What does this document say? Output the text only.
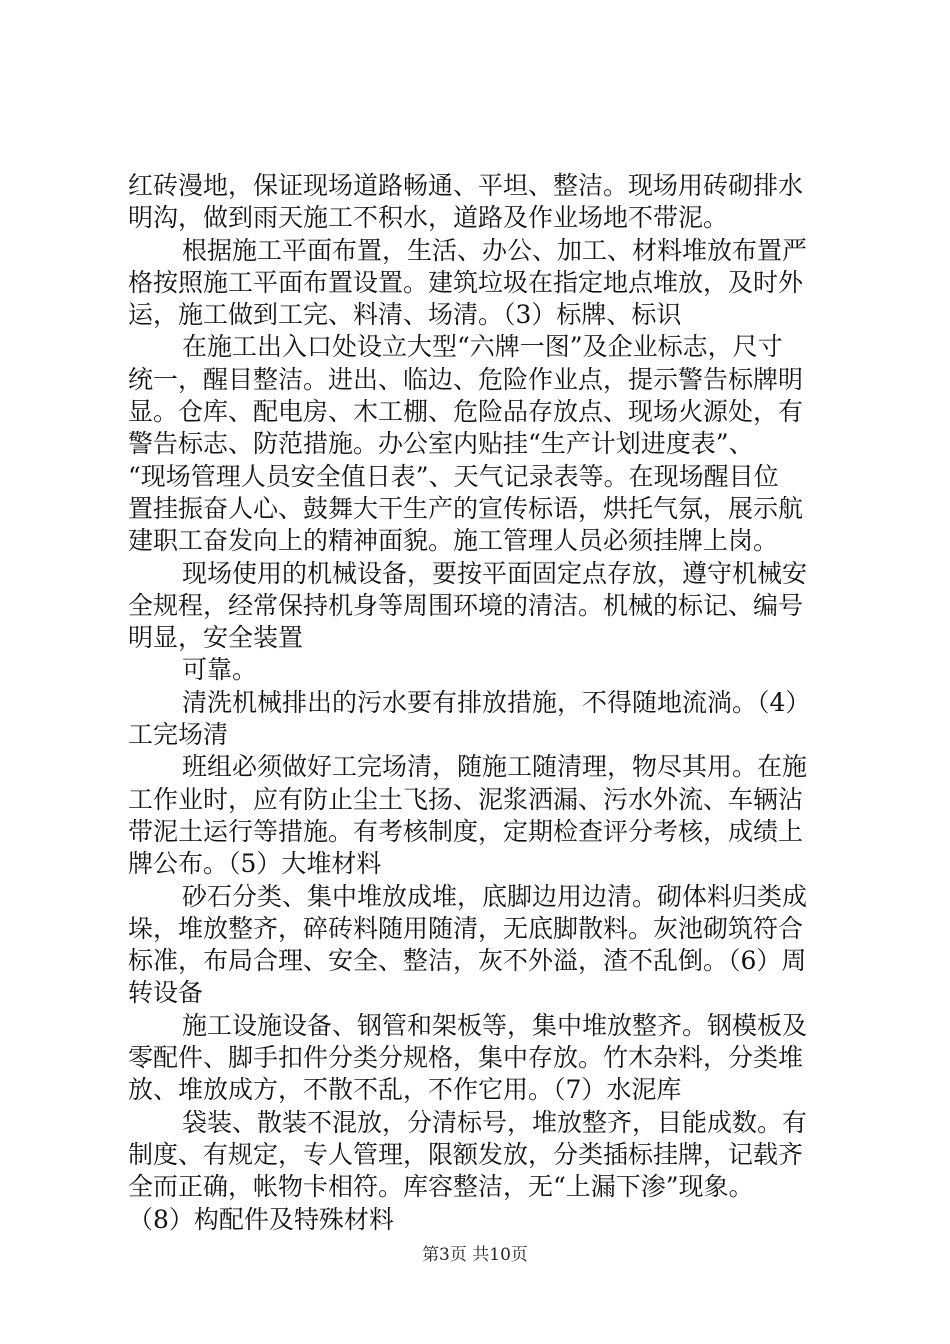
红砖漫地，保证现场道路畅通、平坦、整洁。现场用砖砌排水
明沟，做到雨天施工不积水，道路及作业场地不带泥。
根据施工平面布置，生活、办公、加工、材料堆放布置严
格按照施工平面布置设置。建筑垃圾在指定地点堆放，及时外
运，施工做到工完、料清、场清。（3）标牌、标识
在施工出入口处设立大型“六牌一图”及企业标志，尺寸
统一，醒目整洁。进出、临边、危险作业点，提示警告标牌明
显。仓库、配电房、木工棚、危险品存放点、现场火源处，有
警告标志、防范措施。办公室内贴挂“生产计划进度表”、
“现场管理人员安全值日表”、天气记录表等。在现场醒目位
置挂振奋人心、鼓舞大干生产的宣传标语，烘托气氛，展示航
建职工奋发向上的精神面貌。施工管理人员必须挂牌上岗。
现场使用的机械设备，要按平面固定点存放，遵守机械安
全规程，经常保持机身等周围环境的清洁。机械的标记、编号
明显，安全装置
可靠。
清洗机械排出的污水要有排放措施，不得随地流淌。（4）
工完场清
班组必须做好工完场清，随施工随清理，物尽其用。在施
工作业时，应有防止尘土飞扬、泥浆洒漏、污水外流、车辆沾
带泥土运行等措施。有考核制度，定期检查评分考核，成绩上
牌公布。（5）大堆材料
砂石分类、集中堆放成堆，底脚边用边清。砌体料归类成
垛，堆放整齐，碎砖料随用随清，无底脚散料。灰池砌筑符合
标准，布局合理、安全、整洁，灰不外溢，渣不乱倒。（6）周
转设备
施工设施设备、钢管和架板等，集中堆放整齐。钢模板及
零配件、脚手扣件分类分规格，集中存放。竹木杂料，分类堆
放、堆放成方，不散不乱，不作它用。（7）水泥库
袋装、散装不混放，分清标号，堆放整齐，目能成数。有
制度、有规定，专人管理，限额发放，分类插标挂牌，记载齐
全而正确，帐物卡相符。库容整洁，无“上漏下渗”现象。
（8）构配件及特殊材料
第3页 共10页
